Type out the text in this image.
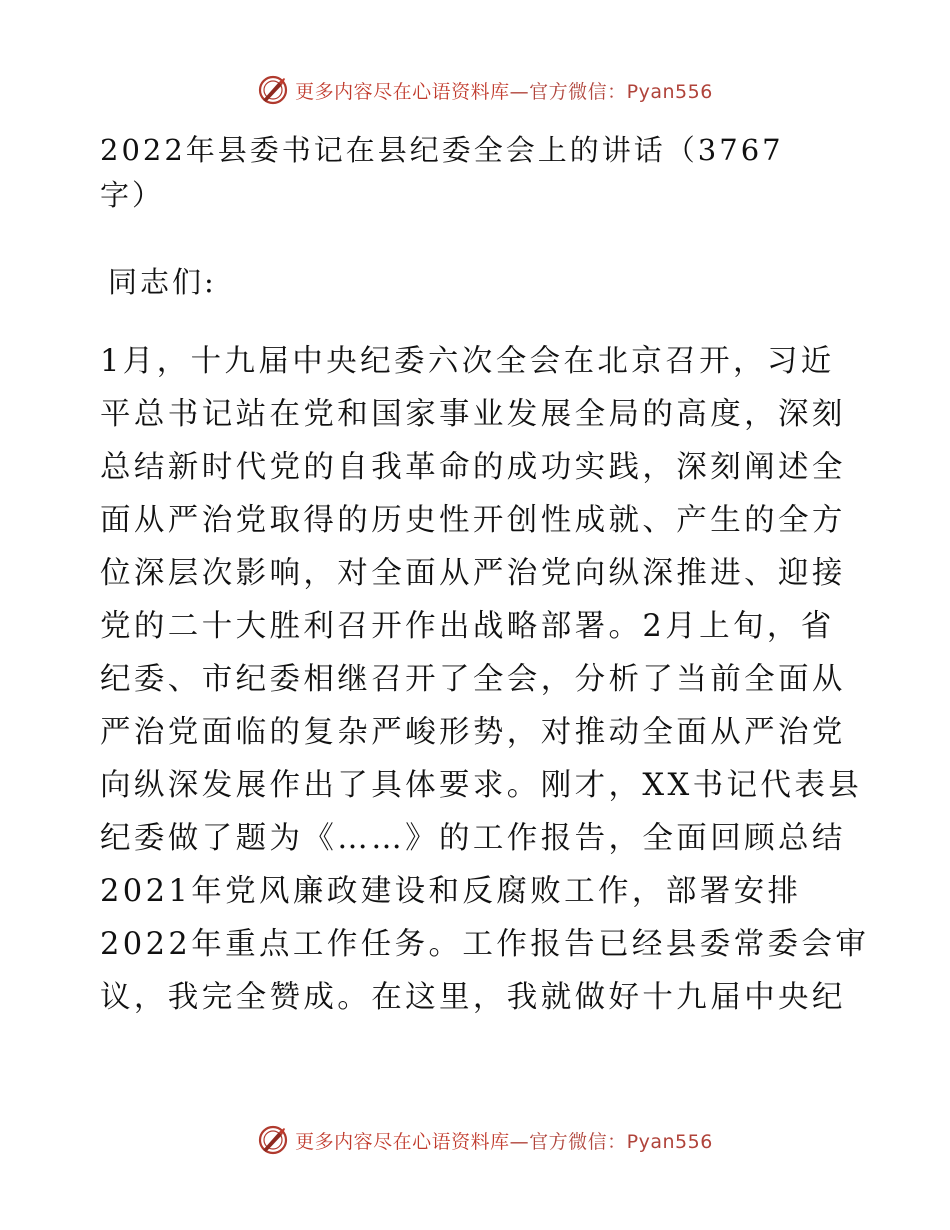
更多内容尽在心语资料库—官方微信：Pyan556
2022年县委书记在县纪委全会上的讲话（3767字）

同志们:

1月，十九届中央纪委六次全会在北京召开，习近
平总书记站在党和国家事业发展全局的高度，深刻
总结新时代党的自我革命的成功实践，深刻阐述全
面从严治党取得的历史性开创性成就、产生的全方
位深层次影响，对全面从严治党向纵深推进、迎接
党的二十大胜利召开作出战略部署。2月上旬，省
纪委、市纪委相继召开了全会，分析了当前全面从
严治党面临的复杂严峻形势，对推动全面从严治党
向纵深发展作出了具体要求。刚才，XX书记代表县
纪委做了题为《……》的工作报告，全面回顾总结
2021年党风廉政建设和反腐败工作，部署安排
2022年重点工作任务。工作报告已经县委常委会审
议，我完全赞成。在这里，我就做好十九届中央纪
更多内容尽在心语资料库—官方微信：Pyan556
